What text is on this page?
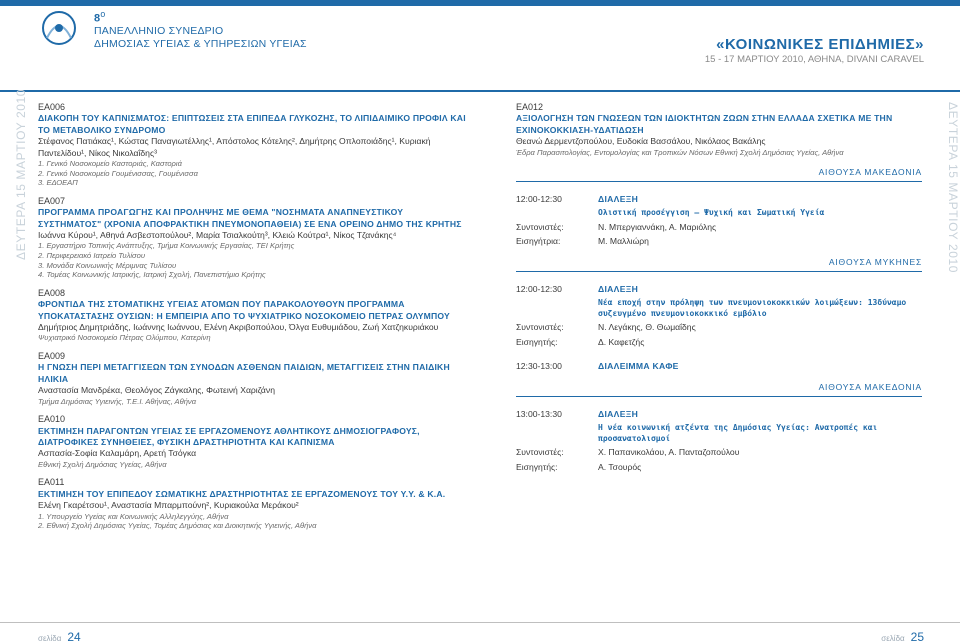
$8^o$
ΠΑΝΕΛΛΗΝΙΟ ΣΥΝΕΔΡΙΟ
ΔΗΜΟΣΙΑΣ ΥΓΕΙΑΣ & ΥΠΗΡΕΣΙΩΝ ΥΓΕΙΑΣ	«ΚΟΙΝΩΝΙΚΕΣ ΕΠΙΔΗΜΙΕΣ»
15 - 17 ΜΑΡΤΙΟΥ 2010, ΑΘΗΝΑ, DIVANI CARAVEL
ΔΕΥΤΕΡΑ 15 ΜΑΡΤΙΟΥ 2010	ΔΕΥΤΕΡΑ 15 ΜΑΡΤΙΟΥ 2010
ΕΑ006
ΔΙΑΚΟΠΗ ΤΟΥ ΚΑΠΝΙΣΜΑΤΟΣ: ΕΠΙΠΤΩΣΕΙΣ ΣΤΑ ΕΠΙΠΕΔΑ ΓΛΥΚΟΖΗΣ, ΤΟ ΛΙΠΙΔΑΙΜΙΚΟ ΠΡΟΦΙΛ ΚΑΙ ΤΟ ΜΕΤΑΒΟΛΙΚΟ ΣΥΝΔΡΟΜΟ
Στέφανος Πατιάκας¹, Κώστας Παναγιωτέλλης¹, Απόστολος Κότελης², Δημήτρης Οπλοποιάδης¹, Κυριακή Παντελίδου¹, Νίκος Νικολαΐδης³
1. Γενικό Νοσοκομείο Καστοριάς, Καστοριά
2. Γενικό Νοσοκομείο Γουμένισσας, Γουμένισσα
3. ΕΔΟΕΑΠ
ΕΑ007
ΠΡΟΓΡΑΜΜΑ ΠΡΟΑΓΩΓΗΣ ΚΑΙ ΠΡΟΛΗΨΗΣ ΜΕ ΘΕΜΑ "ΝΟΣΗΜΑΤΑ ΑΝΑΠΝΕΥΣΤΙΚΟΥ ΣΥΣΤΗΜΑΤΟΣ" (ΧΡΟΝΙΑ ΑΠΟΦΡΑΚΤΙΚΗ ΠΝΕΥΜΟΝΟΠΑΘΕΙΑ) ΣΕ ΕΝΑ ΟΡΕΙΝΟ ΔΗΜΟ ΤΗΣ ΚΡΗΤΗΣ
Ιωάννα Κύρου¹, Αθηνά Ασβεστοπούλου², Μαρία Τσιαλκούτη³, Κλειώ Κούτρα¹, Νίκος Τζανάκης⁴
1. Εργαστήριο Τοπικής Ανάπτυξης, Τμήμα Κοινωνικής Εργασίας, ΤΕΙ Κρήτης
2. Περιφερειακό Ιατρείο Τυλίσου
3. Μονάδα Κοινωνικής Μέριμνας Τυλίσου
4. Τομέας Κοινωνικής Ιατρικής, Ιατρική Σχολή, Πανεπιστήμιο Κρήτης
ΕΑ008
ΦΡΟΝΤΙΔΑ ΤΗΣ ΣΤΟΜΑΤΙΚΗΣ ΥΓΕΙΑΣ ΑΤΟΜΩΝ ΠΟΥ ΠΑΡΑΚΟΛΟΥΘΟΥΝ ΠΡΟΓΡΑΜΜΑ ΥΠΟΚΑΤΑΣΤΑΣΗΣ ΟΥΣΙΩΝ: Η ΕΜΠΕΙΡΙΑ ΑΠΟ ΤΟ ΨΥΧΙΑΤΡΙΚΟ ΝΟΣΟΚΟΜΕΙΟ ΠΕΤΡΑΣ ΟΛΥΜΠΟΥ
Δημήτριος Δημητριάδης, Ιωάννης Ιωάννου, Ελένη Ακριβοπούλου, Όλγα Ευθυμιάδου, Ζωή Χατζηκυριάκου
Ψυχιατρικό Νοσοκομείο Πέτρας Ολύμπου, Κατερίνη
ΕΑ009
Η ΓΝΩΣΗ ΠΕΡΙ ΜΕΤΑΓΓΙΣΕΩΝ ΤΩΝ ΣΥΝΟΔΩΝ ΑΣΘΕΝΩΝ ΠΑΙΔΙΩΝ, ΜΕΤΑΓΓΙΣΕΙΣ ΣΤΗΝ ΠΑΙΔΙΚΗ ΗΛΙΚΙΑ
Αναστασία Μανδρέκα, Θεολόγος Ζάγκαλης, Φωτεινή Χαριζάνη
Τμήμα Δημόσιας Υγιεινής, Τ.Ε.Ι. Αθήνας, Αθήνα
ΕΑ010
ΕΚΤΙΜΗΣΗ ΠΑΡΑΓΟΝΤΩΝ ΥΓΕΙΑΣ ΣΕ ΕΡΓΑΖΟΜΕΝΟΥΣ ΑΘΛΗΤΙΚΟΥΣ ΔΗΜΟΣΙΟΓΡΑΦΟΥΣ, ΔΙΑΤΡΟΦΙΚΕΣ ΣΥΝΗΘΕΙΕΣ, ΦΥΣΙΚΗ ΔΡΑΣΤΗΡΙΟΤΗΤΑ ΚΑΙ ΚΑΠΝΙΣΜΑ
Ασπασία-Σοφία Καλαμάρη, Αρετή Τσόγκα
Εθνική Σχολή Δημόσιας Υγείας, Αθήνα
ΕΑ011
ΕΚΤΙΜΗΣΗ ΤΟΥ ΕΠΙΠΕΔΟΥ ΣΩΜΑΤΙΚΗΣ ΔΡΑΣΤΗΡΙΟΤΗΤΑΣ ΣΕ ΕΡΓΑΖΟΜΕΝΟΥΣ ΤΟΥ Υ.Υ. & Κ.Α.
Ελένη Γκαρέτσου¹, Αναστασία Μπαρμπούνη², Κυριακούλα Μεράκου²
1. Υπουργείο Υγείας και Κοινωνικής Αλληλεγγύης, Αθήνα
2. Εθνική Σχολή Δημόσιας Υγείας, Τομέας Δημόσιας και Διοικητικής Υγιεινής, Αθήνα
ΕΑ012
ΑΞΙΟΛΟΓΗΣΗ ΤΩΝ ΓΝΩΣΕΩΝ ΤΩΝ ΙΔΙΟΚΤΗΤΩΝ ΖΩΩΝ ΣΤΗΝ ΕΛΛΑΔΑ ΣΧΕΤΙΚΑ ΜΕ ΤΗΝ ΕΧΙΝΟΚΟΚΚΙΑΣΗ-ΥΔΑΤΙΔΩΣΗ
Θεανώ Δερμεντζοπούλου, Ευδοκία Βασσάλου, Νικόλαος Βακάλης
Έδρα Παρασιτολογίας, Εντομολογίας και Τροπικών Νόσων Εθνική Σχολή Δημόσιας Υγείας, Αθήνα
ΑΙΘΟΥΣΑ ΜΑΚΕΔΟΝΙΑ
12:00-12:30	ΔΙΑΛΕΞΗ
Ολιστική προσέγγιση – Ψυχική και Σωματική Υγεία
Συντονιστές:	Ν. Μπεργιαννάκη, Α. Μαριόλης
Εισηγήτρια:	Μ. Μαλλιώρη
ΑΙΘΟΥΣΑ ΜΥΚΗΝΕΣ
12:00-12:30	ΔΙΑΛΕΞΗ
Νέα εποχή στην πρόληψη των πνευμονιοκοκκικών λοιμώξεων: 13δύναμο συζευγμένο πνευμονιοκοκκικό εμβόλιο
Συντονιστές:	Ν. Λεγάκης, Θ. Θωμαΐδης
Εισηγητής:	Δ. Καφετζής
12:30-13:00	ΔΙΑΛΕΙΜΜΑ ΚΑΦΕ
ΑΙΘΟΥΣΑ ΜΑΚΕΔΟΝΙΑ
13:00-13:30	ΔΙΑΛΕΞΗ
Η νέα κοινωνική ατζέντα της Δημόσιας Υγείας: Ανατροπές και προσανατολισμοί
Συντονιστές:	Χ. Παπανικολάου, Α. Πανταζοπούλου
Εισηγητής:	Α. Τσουρός
σελίδα 24	σελίδα 25
